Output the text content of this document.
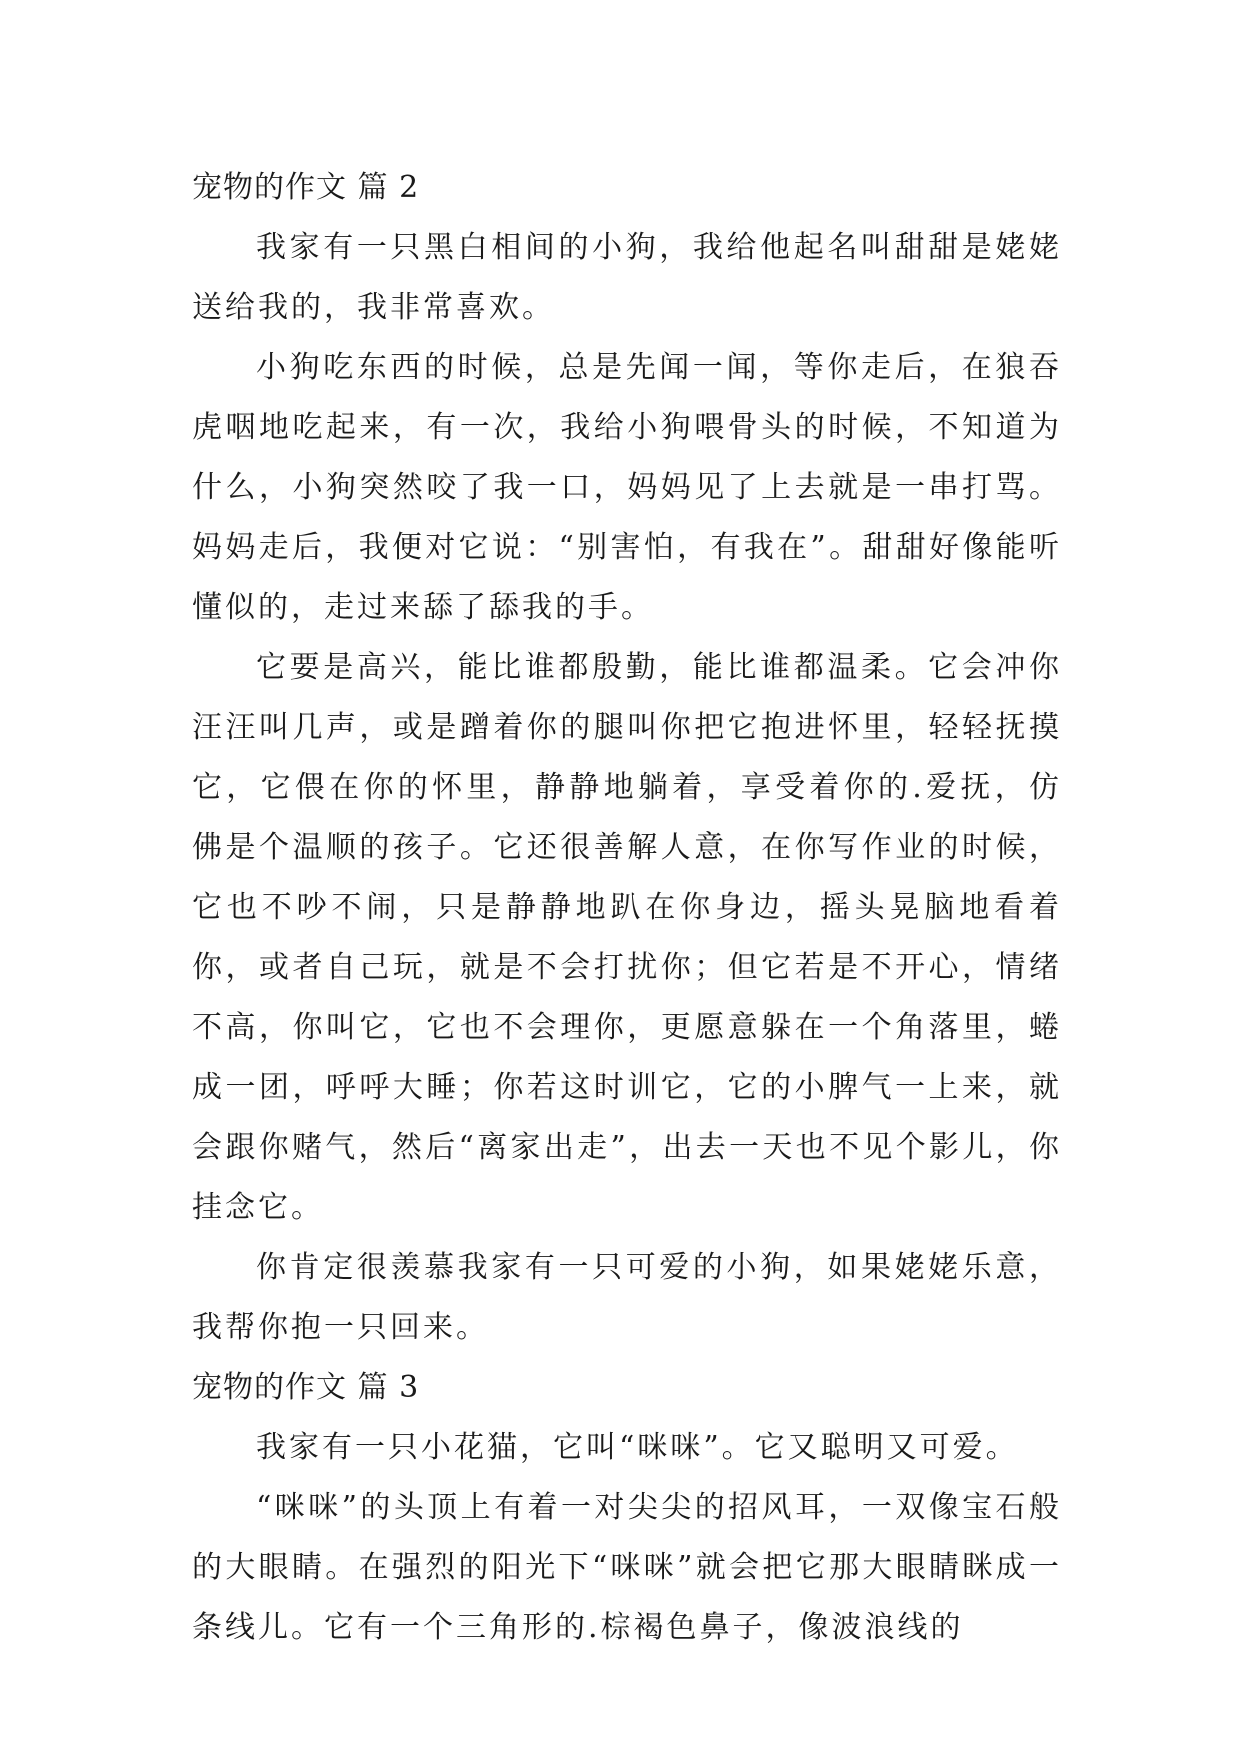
宠物的作文 篇 2

我家有一只黑白相间的小狗，我给他起名叫甜甜是姥姥送给我的，我非常喜欢。

小狗吃东西的时候，总是先闻一闻，等你走后，在狼吞虎咽地吃起来，有一次，我给小狗喂骨头的时候，不知道为什么，小狗突然咬了我一口，妈妈见了上去就是一串打骂。妈妈走后，我便对它说：“别害怕，有我在”。甜甜好像能听懂似的，走过来舔了舔我的手。

它要是高兴，能比谁都殷勤，能比谁都温柔。它会冲你汪汪叫几声，或是蹭着你的腿叫你把它抱进怀里，轻轻抚摸它，它偎在你的怀里，静静地躺着，享受着你的.爱抚，仿佛是个温顺的孩子。它还很善解人意，在你写作业的时候，它也不吵不闹，只是静静地趴在你身边，摇头晃脑地看着你，或者自己玩，就是不会打扰你；但它若是不开心，情绪不高，你叫它，它也不会理你，更愿意躲在一个角落里，蜷成一团，呼呼大睡；你若这时训它，它的小脾气一上来，就会跟你赌气，然后“离家出走”，出去一天也不见个影儿，你挂念它。

你肯定很羡慕我家有一只可爱的小狗，如果姥姥乐意，我帮你抱一只回来。

宠物的作文 篇 3

我家有一只小花猫，它叫“咪咪”。它又聪明又可爱。

“咪咪”的头顶上有着一对尖尖的招风耳，一双像宝石般的大眼睛。在强烈的阳光下“咪咪”就会把它那大眼睛眯成一条线儿。它有一个三角形的.棕褐色鼻子，像波浪线的
